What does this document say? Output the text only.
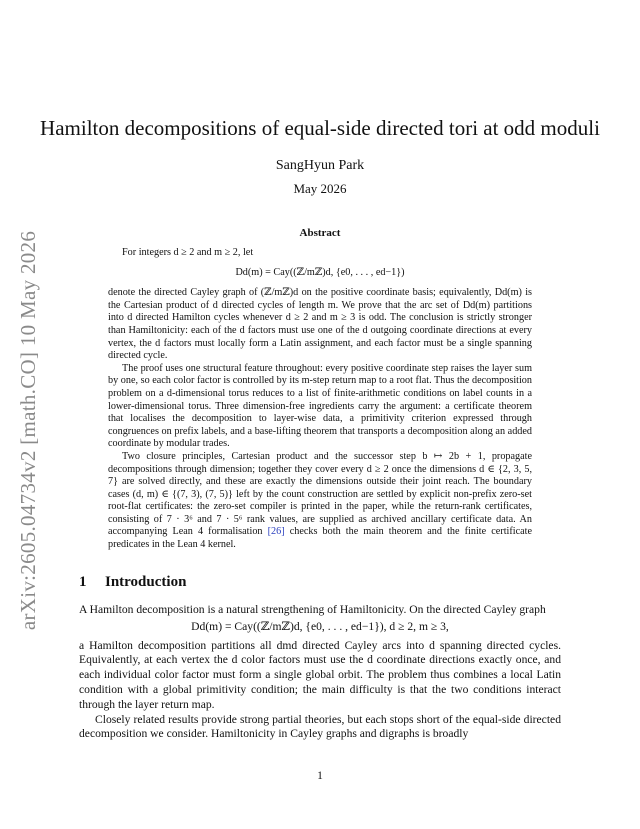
arXiv:2605.04734v2 [math.CO] 10 May 2026
Hamilton decompositions of equal-side directed tori at odd moduli
SangHyun Park
May 2026
Abstract

For integers d ≥ 2 and m ≥ 2, let

Dd(m) = Cay((ℤ/mℤ)d, {e0, . . . , ed−1})

denote the directed Cayley graph of (ℤ/mℤ)d on the positive coordinate basis; equivalently, Dd(m) is the Cartesian product of d directed cycles of length m. We prove that the arc set of Dd(m) partitions into d directed Hamilton cycles whenever d ≥ 2 and m ≥ 3 is odd. The conclusion is strictly stronger than Hamiltonicity: each of the d factors must use one of the d outgoing coordinate directions at every vertex, the d factors must locally form a Latin assignment, and each factor must be a single spanning directed cycle.

The proof uses one structural feature throughout: every positive coordinate step raises the layer sum by one, so each color factor is controlled by its m-step return map to a root flat. Thus the decomposition problem on a d-dimensional torus reduces to a list of finite-arithmetic conditions on label counts in a lower-dimensional torus. Three dimension-free ingredients carry the argument: a certificate theorem that localises the decomposition to layer-wise data, a primitivity criterion expressed through congruences on prefix labels, and a base-lifting theorem that transports a decomposition along an added coordinate by modular trades.

Two closure principles, Cartesian product and the successor step b ↦ 2b + 1, propagate decompositions through dimension; together they cover every d ≥ 2 once the dimensions d ∈ {2, 3, 5, 7} are solved directly, and these are exactly the dimensions outside their joint reach. The boundary cases (d, m) ∈ {(7, 3), (7, 5)} left by the count construction are settled by explicit non-prefix zero-set root-flat certificates: the zero-set compiler is printed in the paper, while the return-rank certificates, consisting of 7 · 3⁶ and 7 · 5⁶ rank values, are supplied as archived ancillary certificate data. An accompanying Lean 4 formalisation [26] checks both the main theorem and the finite certificate predicates in the Lean 4 kernel.

1 Introduction

A Hamilton decomposition is a natural strengthening of Hamiltonicity. On the directed Cayley graph

Dd(m) = Cay((ℤ/mℤ)d, {e0, . . . , ed−1}), d ≥ 2, m ≥ 3,

a Hamilton decomposition partitions all dmd directed Cayley arcs into d spanning directed cycles. Equivalently, at each vertex the d color factors must use the d coordinate directions exactly once, and each individual color factor must form a single global orbit. The problem thus combines a local Latin condition with a global primitivity condition; the main difficulty is that the two conditions interact through the layer return map.

Closely related results provide strong partial theories, but each stops short of the equal-side directed decomposition we consider. Hamiltonicity in Cayley graphs and digraphs is broadly

1
